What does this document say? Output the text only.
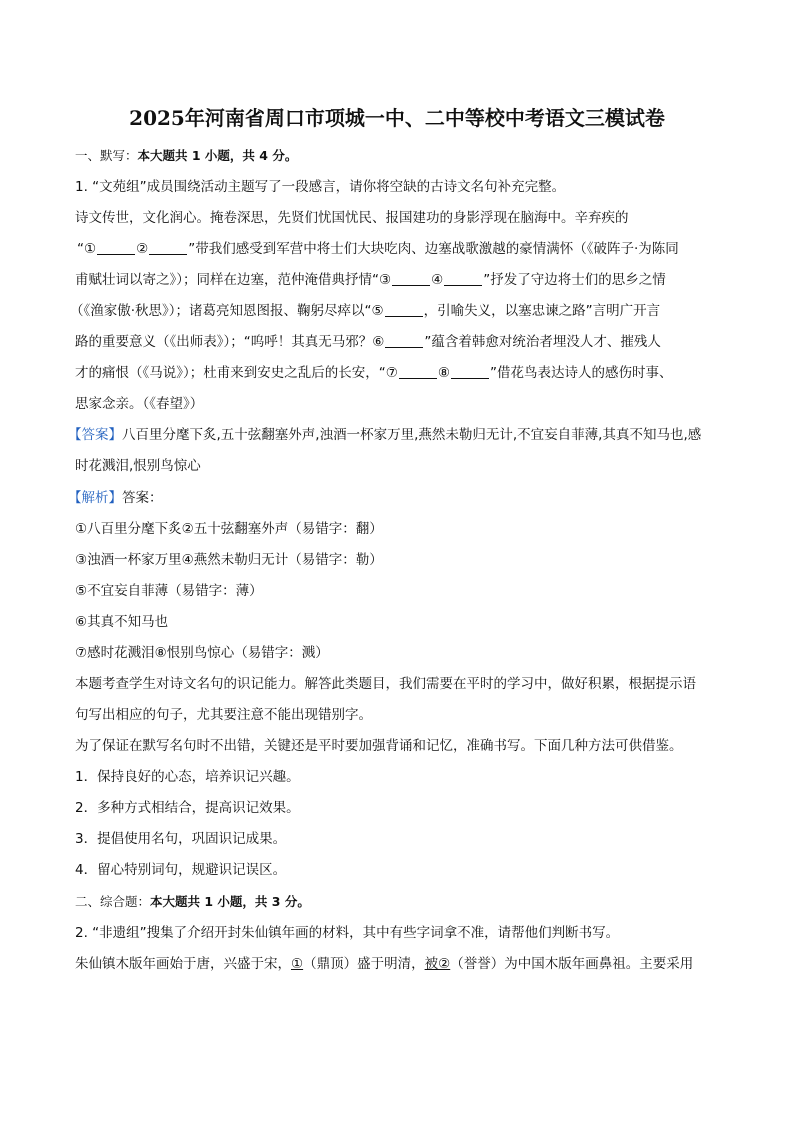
2025年河南省周口市项城一中、二中等校中考语文三模试卷
一、默写：本大题共 1 小题，共 4 分。
1. “文苑组”成员围绕活动主题写了一段感言，请你将空缺的古诗文名句补充完整。
诗文传世，文化润心。掩卷深思，先贤们忧国忧民、报国建功的身影浮现在脑海中。辛弃疾的
“①	②	”带我们感受到军营中将士们大块吃肉、边塞战歌激越的豪情满怀（《破阵子·为陈同
甫赋壮词以寄之》）；同样在边塞，范仲淹借典抒情“③	④	”抒发了守边将士们的思乡之情
（《渔家傲·秋思》）；诸葛亮知恩图报、鞠躬尽瘁以“⑤	，引喻失义，以塞忠谏之路”言明广开言
路的重要意义（《出师表》）；“呜呼！其真无马邪？⑥	”蕴含着韩愈对统治者埋没人才、摧残人
才的痛恨（《马说》）；杜甫来到安史之乱后的长安，“⑦	⑧	”借花鸟表达诗人的感伤时事、
思家念亲。（《春望》）
【答案】八百里分麾下炙,五十弦翻塞外声,浊酒一杯家万里,燕然未勒归无计,不宜妄自菲薄,其真不知马也,感
时花溅泪,恨别鸟惊心
【解析】答案：
①八百里分麾下炙②五十弦翻塞外声（易错字：翻）
③浊酒一杯家万里④燕然未勒归无计（易错字：勒）
⑤不宜妄自菲薄（易错字：薄）
⑥其真不知马也
⑦感时花溅泪⑧恨别鸟惊心（易错字：溅）
本题考查学生对诗文名句的识记能力。解答此类题目，我们需要在平时的学习中，做好积累，根据提示语
句写出相应的句子，尤其要注意不能出现错别字。
为了保证在默写名句时不出错，关键还是平时要加强背诵和记忆，准确书写。下面几种方法可供借鉴。
1．保持良好的心态，培养识记兴趣。
2．多种方式相结合，提高识记效果。
3．提倡使用名句，巩固识记成果。
4．留心特别词句，规避识记误区。
二、综合题：本大题共 1 小题，共 3 分。
2. “非遗组”搜集了介绍开封朱仙镇年画的材料，其中有些字词拿不准，请帮他们判断书写。
朱仙镇木版年画始于唐，兴盛于宋，①（鼎顶）盛于明清，被②（誉誉）为中国木版年画鼻祖。主要采用
